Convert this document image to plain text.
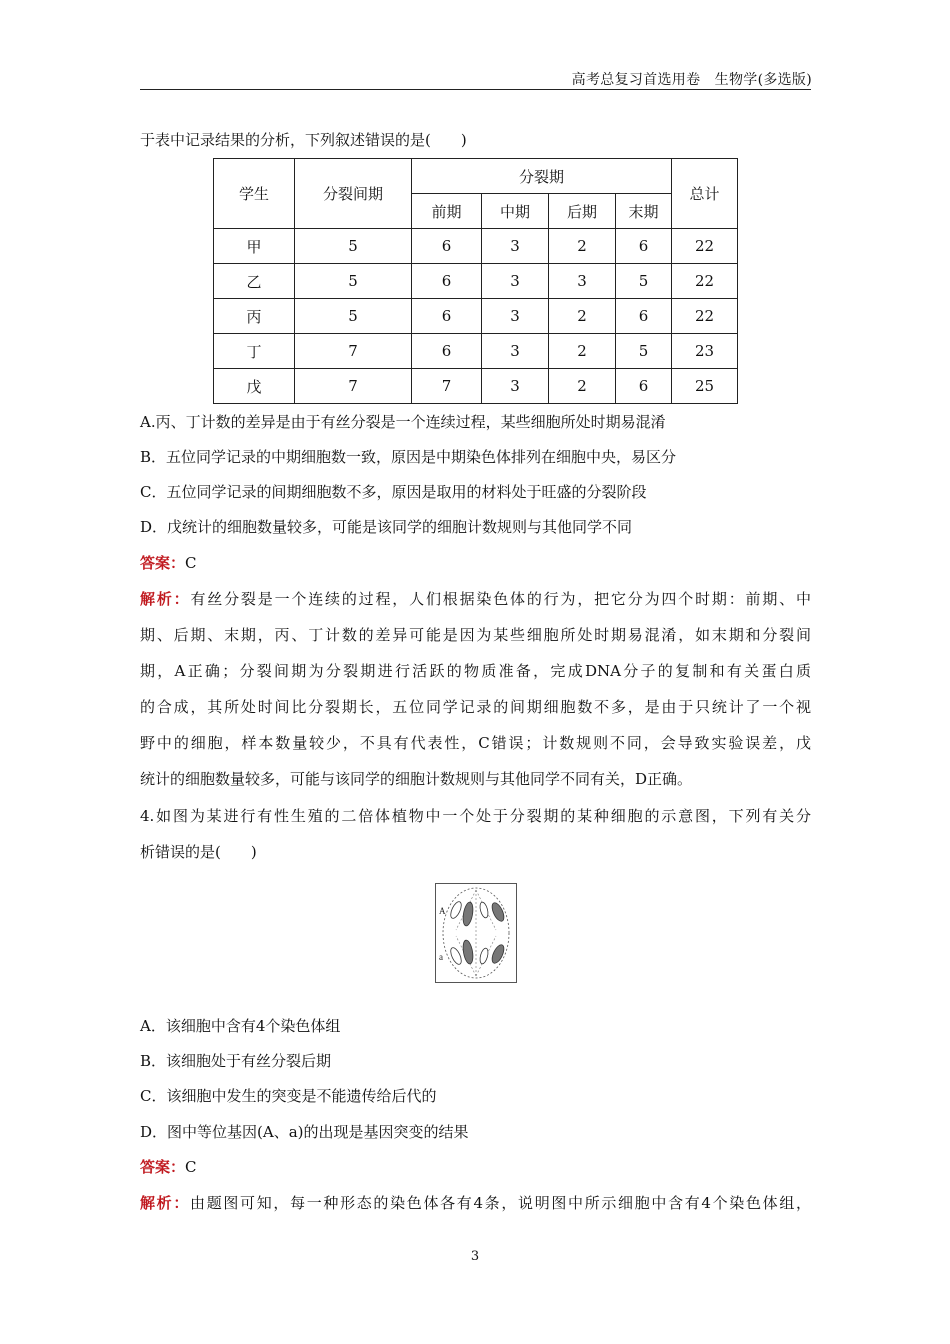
高考总复习首选用卷　生物学(多选版)
于表中记录结果的分析，下列叙述错误的是(　　)
学生	分裂间期	分裂期				总计
		前期	中期	后期	末期	
甲	5	6	3	2	6	22
乙	5	6	3	3	5	22
丙	5	6	3	2	6	22
丁	7	6	3	2	5	23
戊	7	7	3	2	6	25
A.丙、丁计数的差异是由于有丝分裂是一个连续过程，某些细胞所处时期易混淆
B．五位同学记录的中期细胞数一致，原因是中期染色体排列在细胞中央，易区分
C．五位同学记录的间期细胞数不多，原因是取用的材料处于旺盛的分裂阶段
D．戊统计的细胞数量较多，可能是该同学的细胞计数规则与其他同学不同
答案：C
解析：有丝分裂是一个连续的过程，人们根据染色体的行为，把它分为四个时期：前期、中
期、后期、末期，丙、丁计数的差异可能是因为某些细胞所处时期易混淆，如末期和分裂间
期，A正确；分裂间期为分裂期进行活跃的物质准备，完成DNA分子的复制和有关蛋白质
的合成，其所处时间比分裂期长，五位同学记录的间期细胞数不多，是由于只统计了一个视
野中的细胞，样本数量较少，不具有代表性，C错误；计数规则不同，会导致实验误差，戊
统计的细胞数量较多，可能与该同学的细胞计数规则与其他同学不同有关，D正确。
4.如图为某进行有性生殖的二倍体植物中一个处于分裂期的某种细胞的示意图，下列有关分
析错误的是(　　)
A
a
A．该细胞中含有4个染色体组
B．该细胞处于有丝分裂后期
C．该细胞中发生的突变是不能遗传给后代的
D．图中等位基因(A、a)的出现是基因突变的结果
答案：C
解析：由题图可知，每一种形态的染色体各有4条，说明图中所示细胞中含有4个染色体组，
3
